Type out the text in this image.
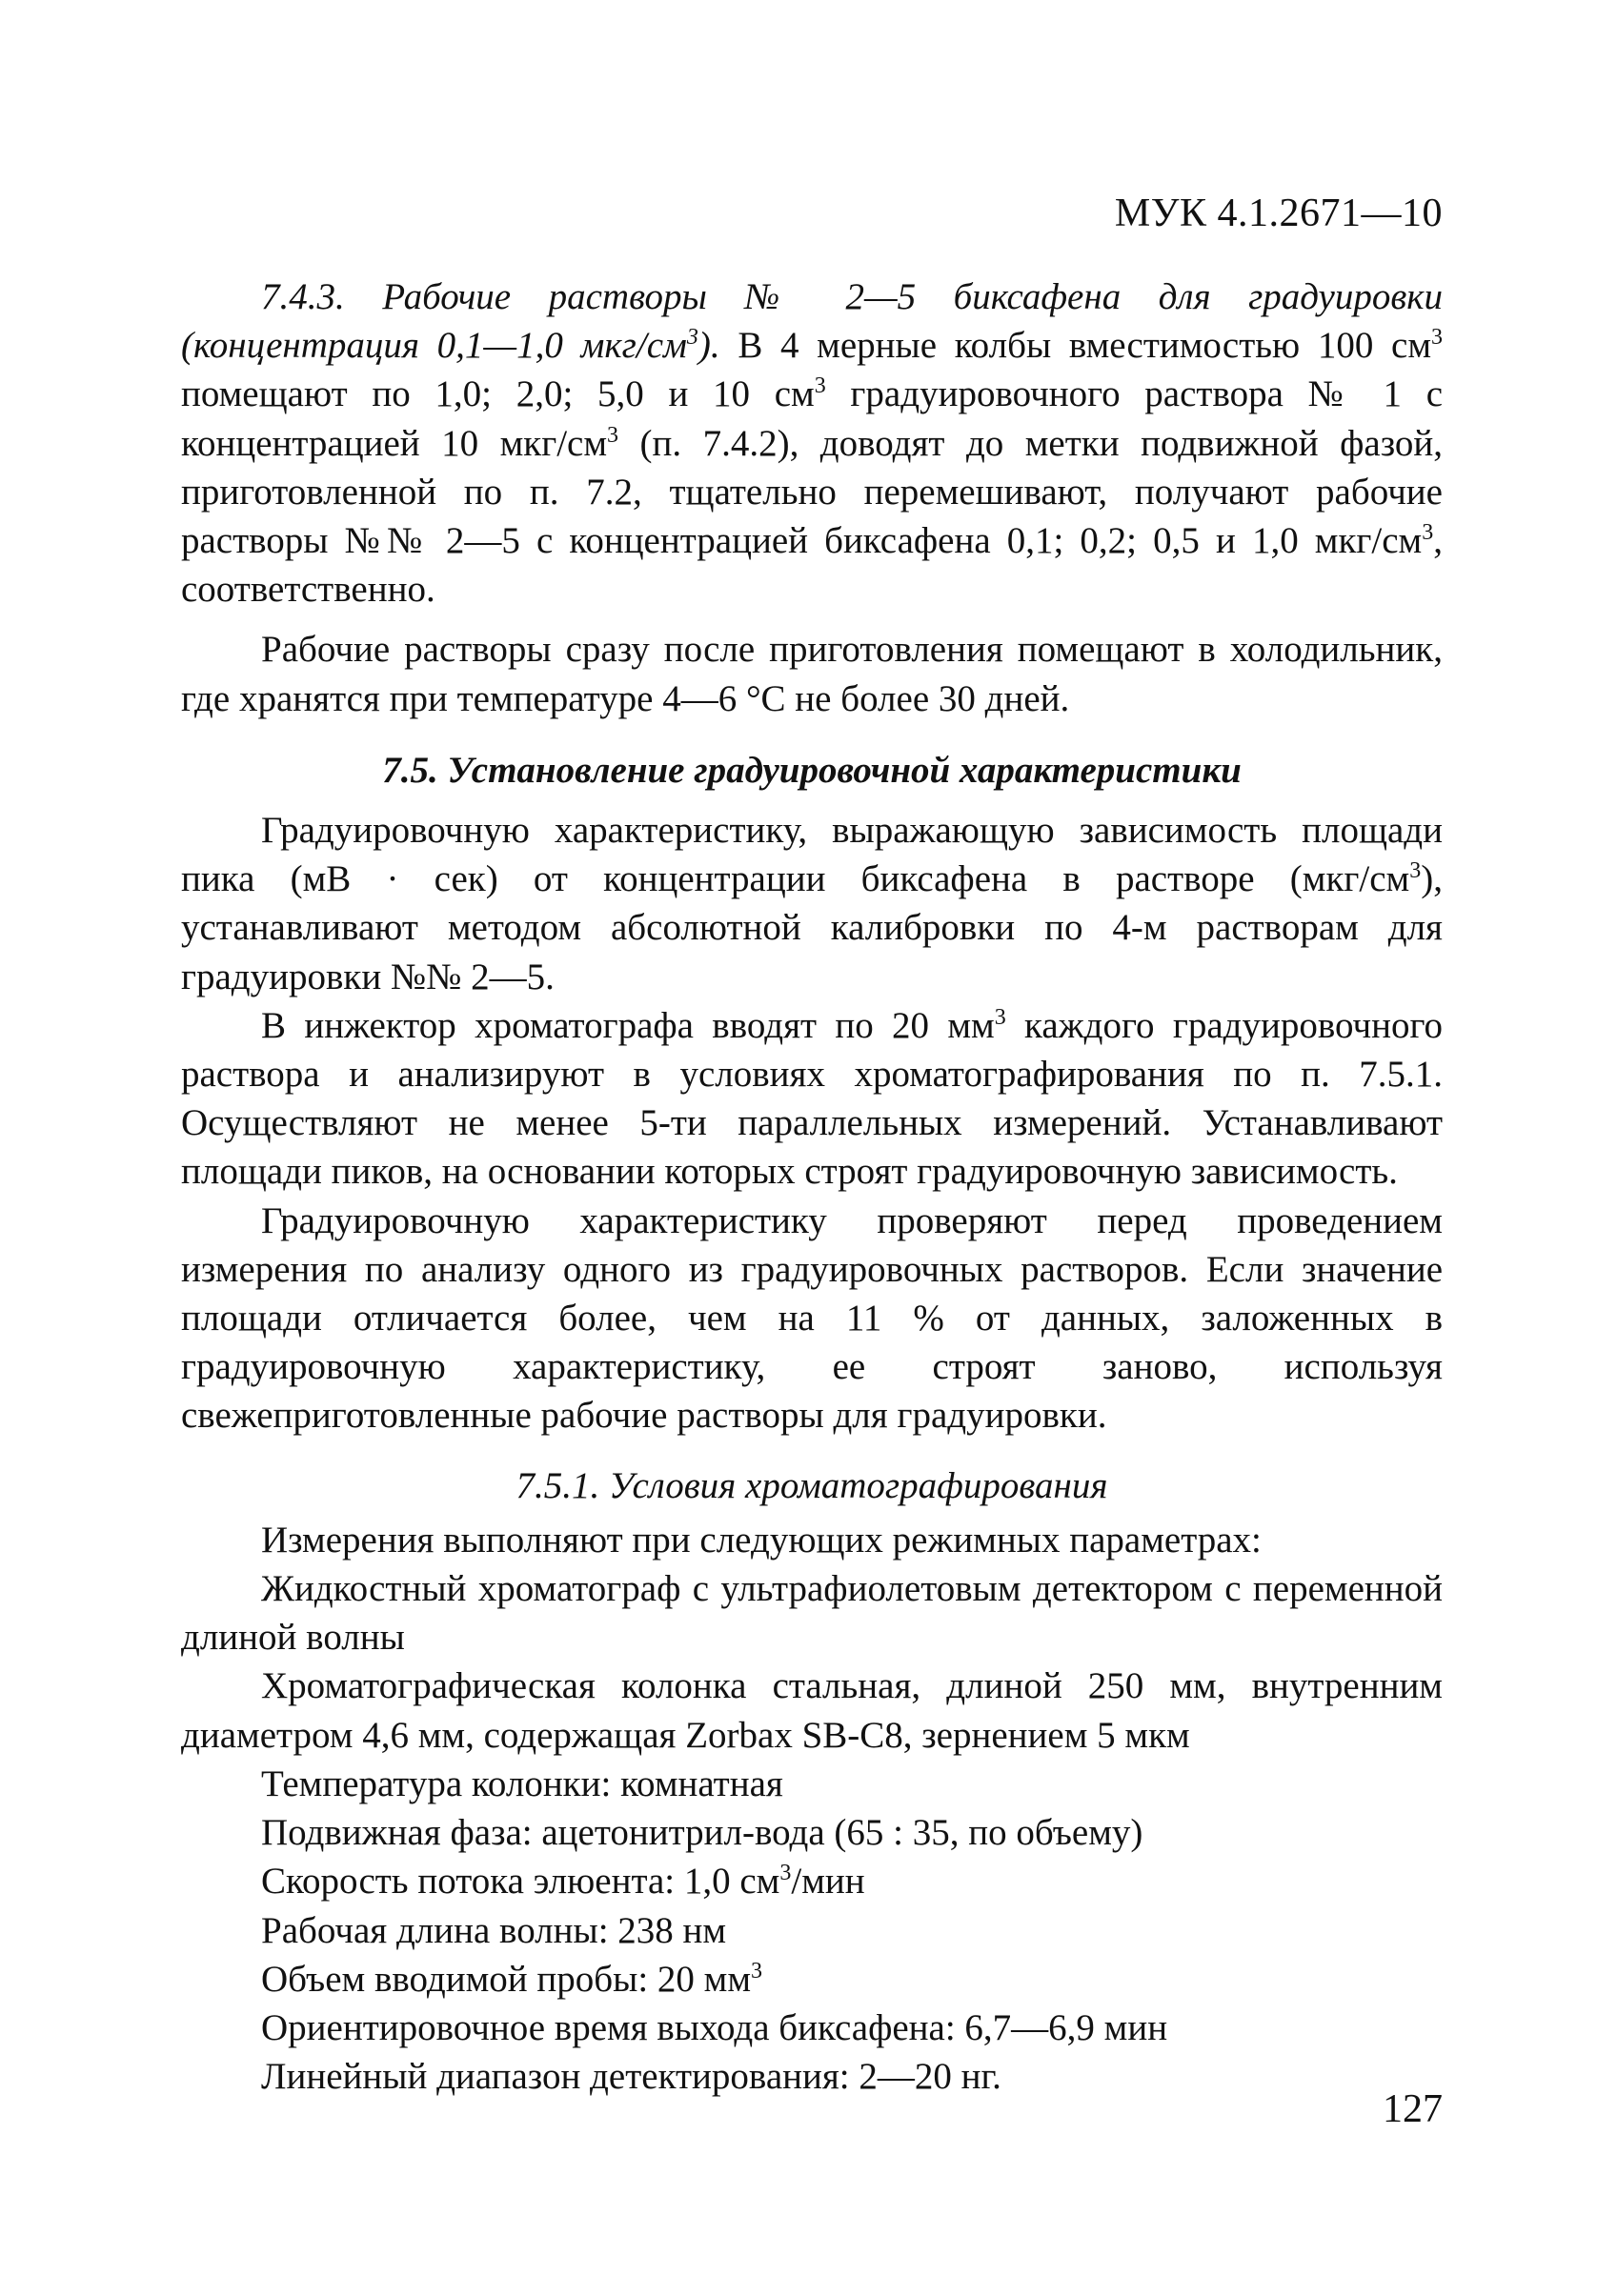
МУК 4.1.2671—10

7.4.3. Рабочие растворы № 2—5 биксафена для градуировки (концентрация 0,1—1,0 мкг/$см^3$). В 4 мерные колбы вместимостью 100 $см^3$ помещают по 1,0; 2,0; 5,0 и 10 $см^3$ градуировочного раствора № 1 с концентрацией 10 мкг/$см^3$ (п. 7.4.2), доводят до метки подвижной фазой, приготовленной по п. 7.2, тщательно перемешивают, получают рабочие растворы №№ 2—5 с концентрацией биксафена 0,1; 0,2; 0,5 и 1,0 мкг/$см^3$, соответственно.

Рабочие растворы сразу после приготовления помещают в холодильник, где хранятся при температуре 4—6 °С не более 30 дней.

7.5. Установление градуировочной характеристики

Градуировочную характеристику, выражающую зависимость площади пика (мВ · сек) от концентрации биксафена в растворе $(мкг/см^3)$, устанавливают методом абсолютной калибровки по 4-м растворам для градуировки №№ 2—5.

В инжектор хроматографа вводят по 20 $мм^3$ каждого градуировочного раствора и анализируют в условиях хроматографирования по п. 7.5.1. Осуществляют не менее 5-ти параллельных измерений. Устанавливают площади пиков, на основании которых строят градуировочную зависимость.

Градуировочную характеристику проверяют перед проведением измерения по анализу одного из градуировочных растворов. Если значение площади отличается более, чем на 11 % от данных, заложенных в градуировочную характеристику, ее строят заново, используя свежеприготовленные рабочие растворы для градуировки.

7.5.1. Условия хроматографирования

Измерения выполняют при следующих режимных параметрах:

Жидкостный хроматограф с ультрафиолетовым детектором с переменной длиной волны

Хроматографическая колонка стальная, длиной 250 мм, внутренним диаметром 4,6 мм, содержащая Zorbax SB-C8, зернением 5 мкм

Температура колонки: комнатная

Подвижная фаза: ацетонитрил-вода (65 : 35, по объему)

Скорость потока элюента: 1,0 $см^3$/мин

Рабочая длина волны: 238 нм

Объем вводимой пробы: 20 $мм^3$

Ориентировочное время выхода биксафена: 6,7—6,9 мин

Линейный диапазон детектирования: 2—20 нг.

127
